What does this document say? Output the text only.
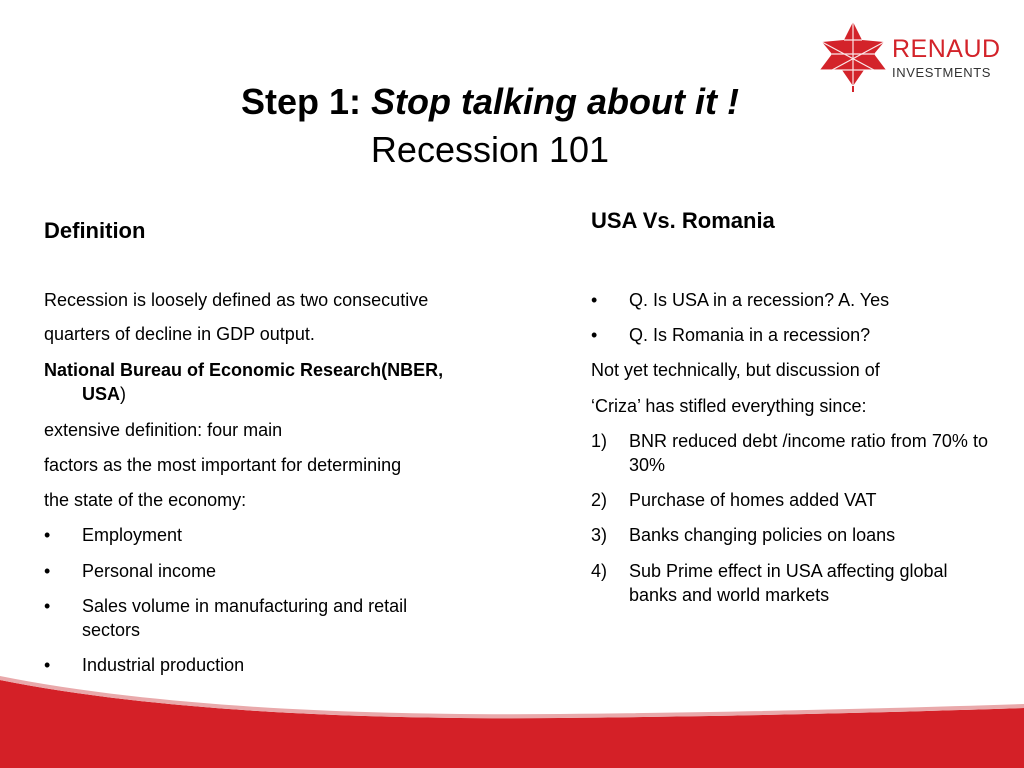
RENAUD
INVESTMENTS
Step 1: Stop talking about it !
Recession 101
Definition
Recession is loosely defined as two consecutive
quarters of decline in GDP output.
National Bureau of Economic Research(NBER,
USA)
extensive definition: four main
factors as the most important for determining
the state of the economy:
•	Employment
•	Personal income
•	Sales volume in manufacturing and retail sectors
•	Industrial production
USA Vs. Romania
•	Q. Is USA in a recession? A. Yes
•	Q. Is Romania in a recession?
Not yet technically, but discussion of
‘Criza’ has stifled everything since:
1)	BNR reduced debt /income ratio from 70% to 30%
2)	Purchase of homes added VAT
3)	Banks changing policies on loans
4)	Sub Prime effect in USA affecting global banks and world markets
